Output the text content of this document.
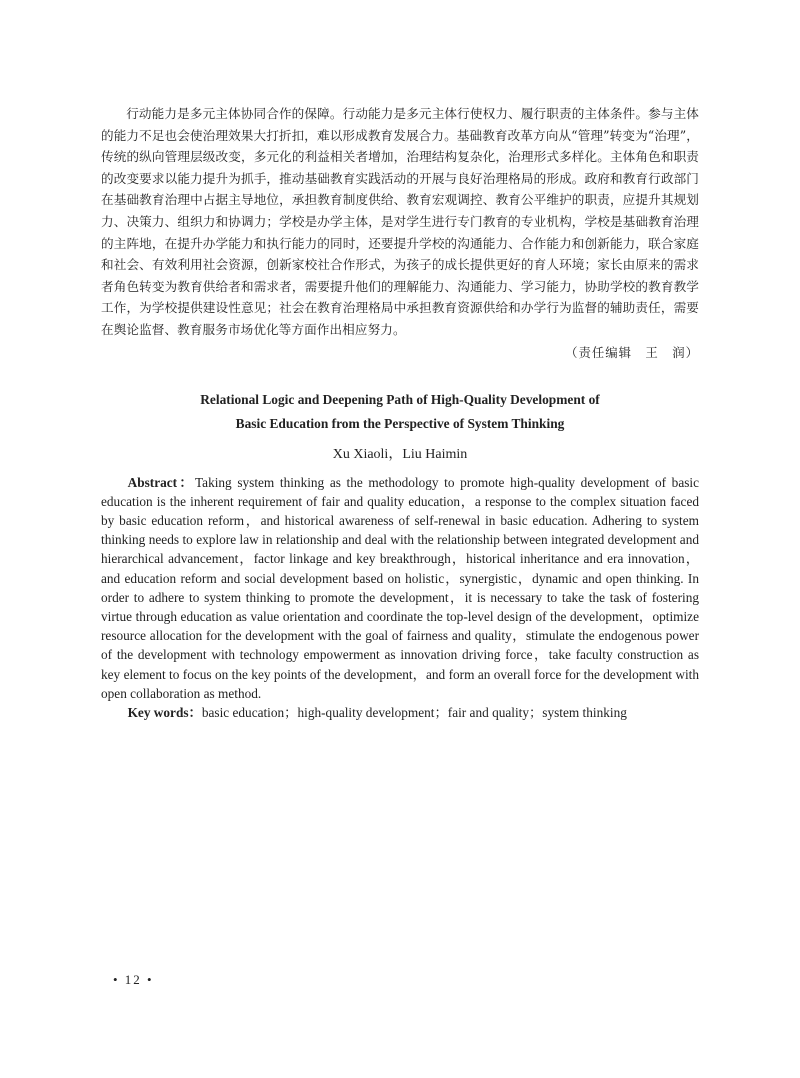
行动能力是多元主体协同合作的保障。行动能力是多元主体行使权力、履行职责的主体条件。参与主体的能力不足也会使治理效果大打折扣，难以形成教育发展合力。基础教育改革方向从“管理”转变为“治理”，传统的纵向管理层级改变，多元化的利益相关者增加，治理结构复杂化，治理形式多样化。主体角色和职责的改变要求以能力提升为抓手，推动基础教育实践活动的开展与良好治理格局的形成。政府和教育行政部门在基础教育治理中占据主导地位，承担教育制度供给、教育宏观调控、教育公平维护的职责，应提升其规划力、决策力、组织力和协调力；学校是办学主体，是对学生进行专门教育的专业机构，学校是基础教育治理的主阵地，在提升办学能力和执行能力的同时，还要提升学校的沟通能力、合作能力和创新能力，联合家庭和社会、有效利用社会资源，创新家校社合作形式，为孩子的成长提供更好的育人环境；家长由原来的需求者角色转变为教育供给者和需求者，需要提升他们的理解能力、沟通能力、学习能力，协助学校的教育教学工作，为学校提供建设性意见；社会在教育治理格局中承担教育资源供给和办学行为监督的辅助责任，需要在舆论监督、教育服务市场优化等方面作出相应努力。

（责任编辑　王　润）
Relational Logic and Deepening Path of High-Quality Development of
Basic Education from the Perspective of System Thinking
Xu Xiaoli，Liu Haimin

Abstract：Taking system thinking as the methodology to promote high-quality development of basic education is the inherent requirement of fair and quality education，a response to the complex situation faced by basic education reform，and historical awareness of self-renewal in basic education. Adhering to system thinking needs to explore law in relationship and deal with the relationship between integrated development and hierarchical advancement，factor linkage and key breakthrough，historical inheritance and era innovation，and education reform and social development based on holistic，synergistic，dynamic and open thinking. In order to adhere to system thinking to promote the development，it is necessary to take the task of fostering virtue through education as value orientation and coordinate the top-level design of the development，optimize resource allocation for the development with the goal of fairness and quality，stimulate the endogenous power of the development with technology empowerment as innovation driving force，take faculty construction as key element to focus on the key points of the development，and form an overall force for the development with open collaboration as method.

Key words：basic education；high-quality development；fair and quality；system thinking

• 12 •
